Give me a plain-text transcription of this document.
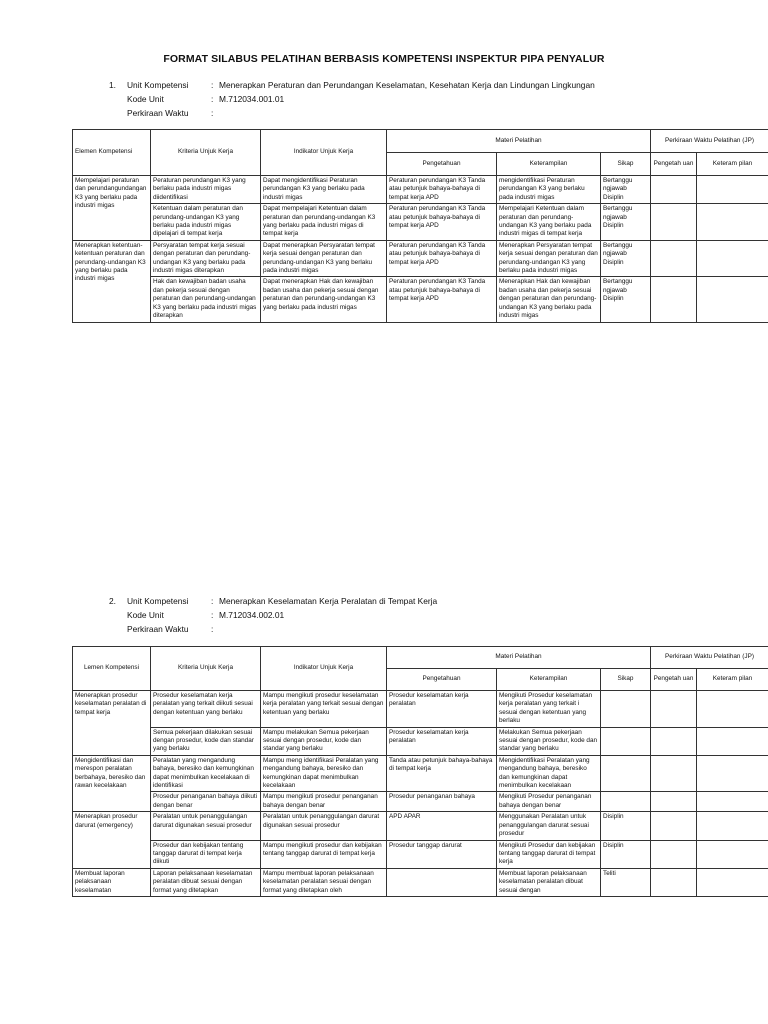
FORMAT SILABUS PELATIHAN BERBASIS KOMPETENSI INSPEKTUR PIPA PENYALUR
1.	Unit Kompetensi	: Menerapkan Peraturan dan Perundangan Keselamatan, Kesehatan Kerja dan Lindungan Lingkungan
Kode Unit	: M.712034.001.01
Perkiraan Waktu	:
Elemen Kompetensi	Kriteria Unjuk Kerja	Indikator Unjuk Kerja	Materi Pelatihan			Perkiraan Waktu Pelatihan (JP)	
			Pengetahuan	Keterampilan	Sikap	Pengetah uan	Keteram pilan
Mempelajari peraturan dan perundangundangan K3 yang berlaku pada industri migas	Peraturan perundangan K3 yang berlaku pada industri migas diidentifikasi	Dapat mengidentifikasi Peraturan perundangan K3 yang berlaku pada industri migas	Peraturan perundangan K3 Tanda atau petunjuk bahaya-bahaya di tempat kerja APD	mengidentifikasi Peraturan perundangan K3 yang berlaku pada industri migas	Bertanggu ngjawab Disiplin		
	Ketentuan dalam peraturan dan perundang-undangan K3 yang berlaku pada industri migas dipelajari di tempat kerja	Dapat mempelajari Ketentuan dalam peraturan dan perundang-undangan K3 yang berlaku pada industri migas di tempat kerja	Peraturan perundangan K3 Tanda atau petunjuk bahaya-bahaya di tempat kerja APD	Mempelajari Ketentuan dalam peraturan dan perundang-undangan K3 yang berlaku pada industri migas di tempat kerja	Bertanggu ngjawab Disiplin		
Menerapkan ketentuan-ketentuan peraturan dan perundang-undangan K3 yang berlaku pada industri migas	Persyaratan tempat kerja sesuai dengan peraturan dan perundang-undangan K3 yang berlaku pada industri migas diterapkan	Dapat menerapkan Persyaratan tempat kerja sesuai dengan peraturan dan perundang-undangan K3 yang berlaku pada industri migas	Peraturan perundangan K3 Tanda atau petunjuk bahaya-bahaya di tempat kerja APD	Menerapkan Persyaratan tempat kerja sesuai dengan peraturan dan perundang-undangan K3 yang berlaku pada industri migas	Bertanggu ngjawab Disiplin		
	Hak dan kewajiban badan usaha dan pekerja sesuai dengan peraturan dan perundang-undangan K3 yang berlaku pada industri migas diterapkan	Dapat menerapkan Hak dan kewajiban badan usaha dan pekerja sesuai dengan peraturan dan perundang-undangan K3 yang berlaku pada industri migas	Peraturan perundangan K3 Tanda atau petunjuk bahaya-bahaya di tempat kerja APD	Menerapkan Hak dan kewajiban badan usaha dan pekerja sesuai dengan peraturan dan perundang-undangan K3 yang berlaku pada industri migas	Bertanggu ngjawab Disiplin		
2.	Unit Kompetensi	: Menerapkan Keselamatan Kerja Peralatan di Tempat Kerja
Kode Unit	: M.712034.002.01
Perkiraan Waktu	:
Lemen Kompetensi	Kriteria Unjuk Kerja	Indikator Unjuk Kerja	Materi Pelatihan			Perkiraan Waktu Pelatihan (JP)	
			Pengetahuan	Keterampilan	Sikap	Pengetah uan	Keteram pilan
Menerapkan prosedur keselamatan peralatan di tempat kerja	Prosedur keselamatan kerja peralatan yang terkait diikuti sesuai dengan ketentuan yang berlaku	Mampu mengikuti prosedur keselamatan kerja peralatan yang terkait sesuai dengan ketentuan yang berlaku	Prosedur keselamatan kerja peralatan	Mengikuti Prosedur keselamatan kerja peralatan yang terkait i sesuai dengan ketentuan yang berlaku			
	Semua pekerjaan dilakukan sesuai dengan prosedur, kode dan standar yang berlaku	Mampu melakukan Semua pekerjaan sesuai dengan prosedur, kode dan standar yang berlaku	Prosedur keselamatan kerja peralatan	Melakukan Semua pekerjaan sesuai dengan prosedur, kode dan standar yang berlaku			
Mengidentifikasi dan merespon peralatan berbahaya, beresiko dan rawan kecelakaan	Peralatan yang mengandung bahaya, beresiko dan kemungkinan dapat menimbulkan kecelakaan di identifikasi	Mampu meng identifikasi Peralatan yang mengandung bahaya, beresiko dan kemungkinan dapat menimbulkan kecelakaan	Tanda atau petunjuk bahaya-bahaya di tempat kerja	Mengidentifikasi Peralatan yang mengandung bahaya, beresiko dan kemungkinan dapat menimbulkan kecelakaan			
	Prosedur penanganan bahaya diikuti dengan benar	Mampu mengikuti prosedur penanganan bahaya dengan benar	Prosedur penanganan bahaya	Mengikuti Prosedur penanganan bahaya dengan benar			
Menerapkan prosedur darurat (emergency)	Peralatan untuk penanggulangan darurat digunakan sesuai prosedur	Peralatan untuk penanggulangan darurat digunakan sesuai prosedur	APD APAR	Menggunakan Peralatan untuk penanggulangan darurat sesuai prosedur	Disiplin		
	Prosedur dan kebijakan tentang tanggap darurat di tempat kerja diikuti	Mampu mengikuti prosedur dan kebijakan tentang tanggap darurat di tempat kerja	Prosedur tanggap darurat	Mengikuti Prosedur dan kebijakan tentang tanggap darurat di tempat kerja	Disiplin		
Membuat laporan pelaksanaan keselamatan	Laporan pelaksanaan keselamatan peralatan dibuat sesuai dengan format yang ditetapkan	Mampu membuat laporan pelaksanaan keselamatan peralatan sesuai dengan format yang ditetapkan oleh		Membuat laporan pelaksanaan keselamatan peralatan dibuat sesuai dengan	Teliti		
